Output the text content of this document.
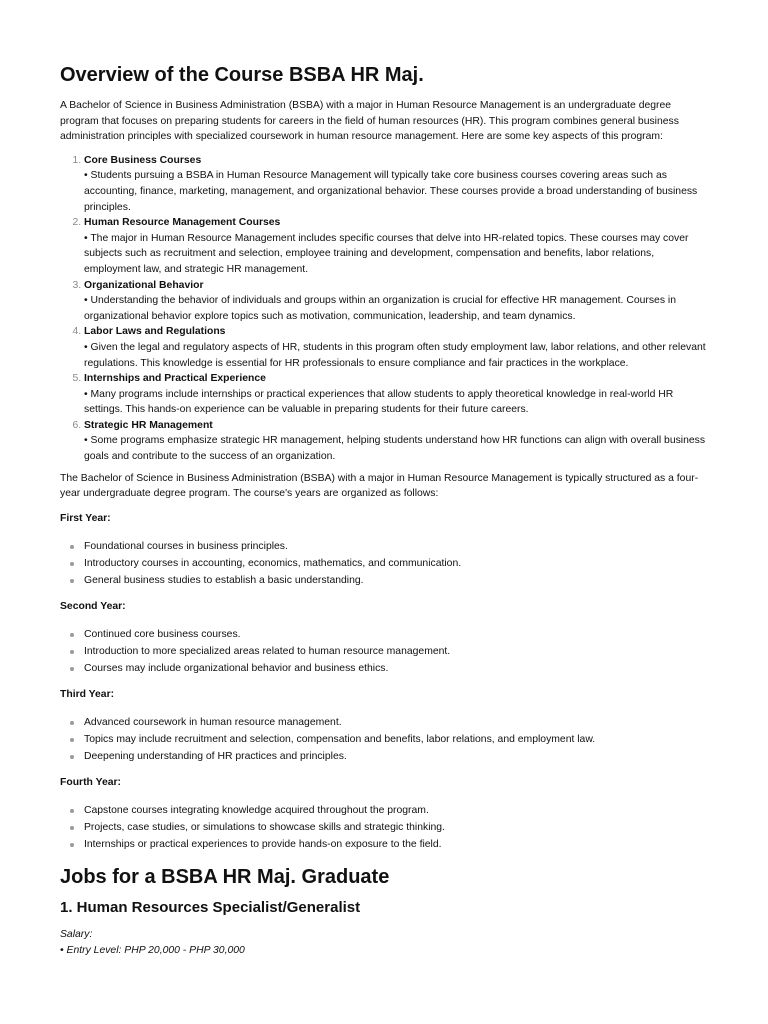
Overview of the Course BSBA HR Maj.

A Bachelor of Science in Business Administration (BSBA) with a major in Human Resource Management is an undergraduate degree program that focuses on preparing students for careers in the field of human resources (HR). This program combines general business administration principles with specialized coursework in human resource management. Here are some key aspects of this program:

1. Core Business Courses
• Students pursuing a BSBA in Human Resource Management will typically take core business courses covering areas such as accounting, finance, marketing, management, and organizational behavior. These courses provide a broad understanding of business principles.
2. Human Resource Management Courses
• The major in Human Resource Management includes specific courses that delve into HR-related topics. These courses may cover subjects such as recruitment and selection, employee training and development, compensation and benefits, labor relations, employment law, and strategic HR management.
3. Organizational Behavior
• Understanding the behavior of individuals and groups within an organization is crucial for effective HR management. Courses in organizational behavior explore topics such as motivation, communication, leadership, and team dynamics.
4. Labor Laws and Regulations
• Given the legal and regulatory aspects of HR, students in this program often study employment law, labor relations, and other relevant regulations. This knowledge is essential for HR professionals to ensure compliance and fair practices in the workplace.
5. Internships and Practical Experience
• Many programs include internships or practical experiences that allow students to apply theoretical knowledge in real-world HR settings. This hands-on experience can be valuable in preparing students for their future careers.
6. Strategic HR Management
• Some programs emphasize strategic HR management, helping students understand how HR functions can align with overall business goals and contribute to the success of an organization.

The Bachelor of Science in Business Administration (BSBA) with a major in Human Resource Management is typically structured as a four-year undergraduate degree program. The course's years are organized as follows:

First Year:

Foundational courses in business principles.
Introductory courses in accounting, economics, mathematics, and communication.
General business studies to establish a basic understanding.

Second Year:

Continued core business courses.
Introduction to more specialized areas related to human resource management.
Courses may include organizational behavior and business ethics.

Third Year:

Advanced coursework in human resource management.
Topics may include recruitment and selection, compensation and benefits, labor relations, and employment law.
Deepening understanding of HR practices and principles.

Fourth Year:

Capstone courses integrating knowledge acquired throughout the program.
Projects, case studies, or simulations to showcase skills and strategic thinking.
Internships or practical experiences to provide hands-on exposure to the field.
Jobs for a BSBA HR Maj. Graduate
1. Human Resources Specialist/Generalist

Salary:

• Entry Level: PHP 20,000 - PHP 30,000
